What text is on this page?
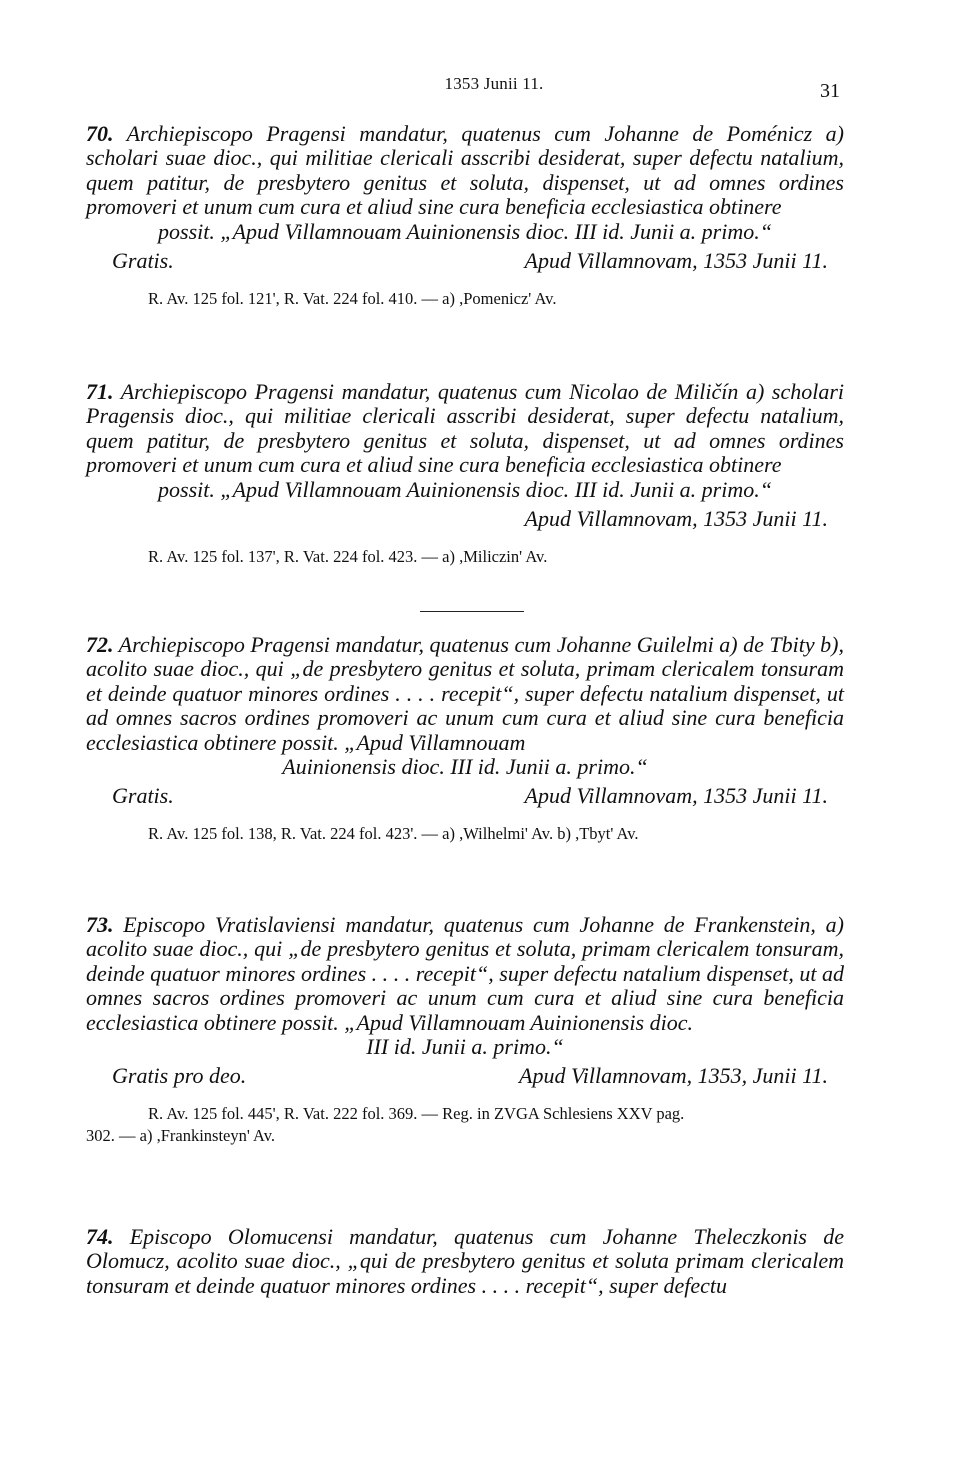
1353 Junii 11.	31

70. Archiepiscopo Pragensi mandatur, quatenus cum Johanne de Poménicz a) scholari suae dioc., qui militiae clericali asscribi desiderat, super defectu natalium, quem patitur, de presbytero genitus et soluta, dispenset, ut ad omnes ordines promoveri et unum cum cura et aliud sine cura beneficia ecclesiastica obtinere
possit. „Apud Villamnouam Auinionensis dioc. III id. Junii a. primo.“

Gratis.	Apud Villamnovam, 1353 Junii 11.

R. Av. 125 fol. 121', R. Vat. 224 fol. 410. — a) ,Pomenicz' Av.

71. Archiepiscopo Pragensi mandatur, quatenus cum Nicolao de Miličín a) scholari Pragensis dioc., qui militiae clericali asscribi desiderat, super defectu natalium, quem patitur, de presbytero genitus et soluta, dispenset, ut ad omnes ordines promoveri et unum cum cura et aliud sine cura beneficia ecclesiastica obtinere
possit. „Apud Villamnouam Auinionensis dioc. III id. Junii a. primo.“

Apud Villamnovam, 1353 Junii 11.

R. Av. 125 fol. 137', R. Vat. 224 fol. 423. — a) ,Miliczin' Av.

72. Archiepiscopo Pragensi mandatur, quatenus cum Johanne Guilelmi a) de Tbity b), acolito suae dioc., qui „de presbytero genitus et soluta, primam clericalem tonsuram et deinde quatuor minores ordines . . . . recepit“, super defectu natalium dispenset, ut ad omnes sacros ordines promoveri ac unum cum cura et aliud sine cura beneficia ecclesiastica obtinere possit. „Apud Villamnouam
Auinionensis dioc. III id. Junii a. primo.“

Gratis.	Apud Villamnovam, 1353 Junii 11.

R. Av. 125 fol. 138, R. Vat. 224 fol. 423'. — a) ,Wilhelmi' Av. b) ,Tbyt' Av.

73. Episcopo Vratislaviensi mandatur, quatenus cum Johanne de Frankenstein, a) acolito suae dioc., qui „de presbytero genitus et soluta, primam clericalem tonsuram, deinde quatuor minores ordines . . . . recepit“, super defectu natalium dispenset, ut ad omnes sacros ordines promoveri ac unum cum cura et aliud sine cura beneficia ecclesiastica obtinere possit. „Apud Villamnouam Auinionensis dioc.
III id. Junii a. primo.“

Gratis pro deo.	Apud Villamnovam, 1353, Junii 11.

R. Av. 125 fol. 445', R. Vat. 222 fol. 369. — Reg. in ZVGA Schlesiens XXV pag.
302. — a) ,Frankinsteyn' Av.

74. Episcopo Olomucensi mandatur, quatenus cum Johanne Theleczkonis de Olomucz, acolito suae dioc., „qui de presbytero genitus et soluta primam clericalem tonsuram et deinde quatuor minores ordines . . . . recepit“, super defectu
